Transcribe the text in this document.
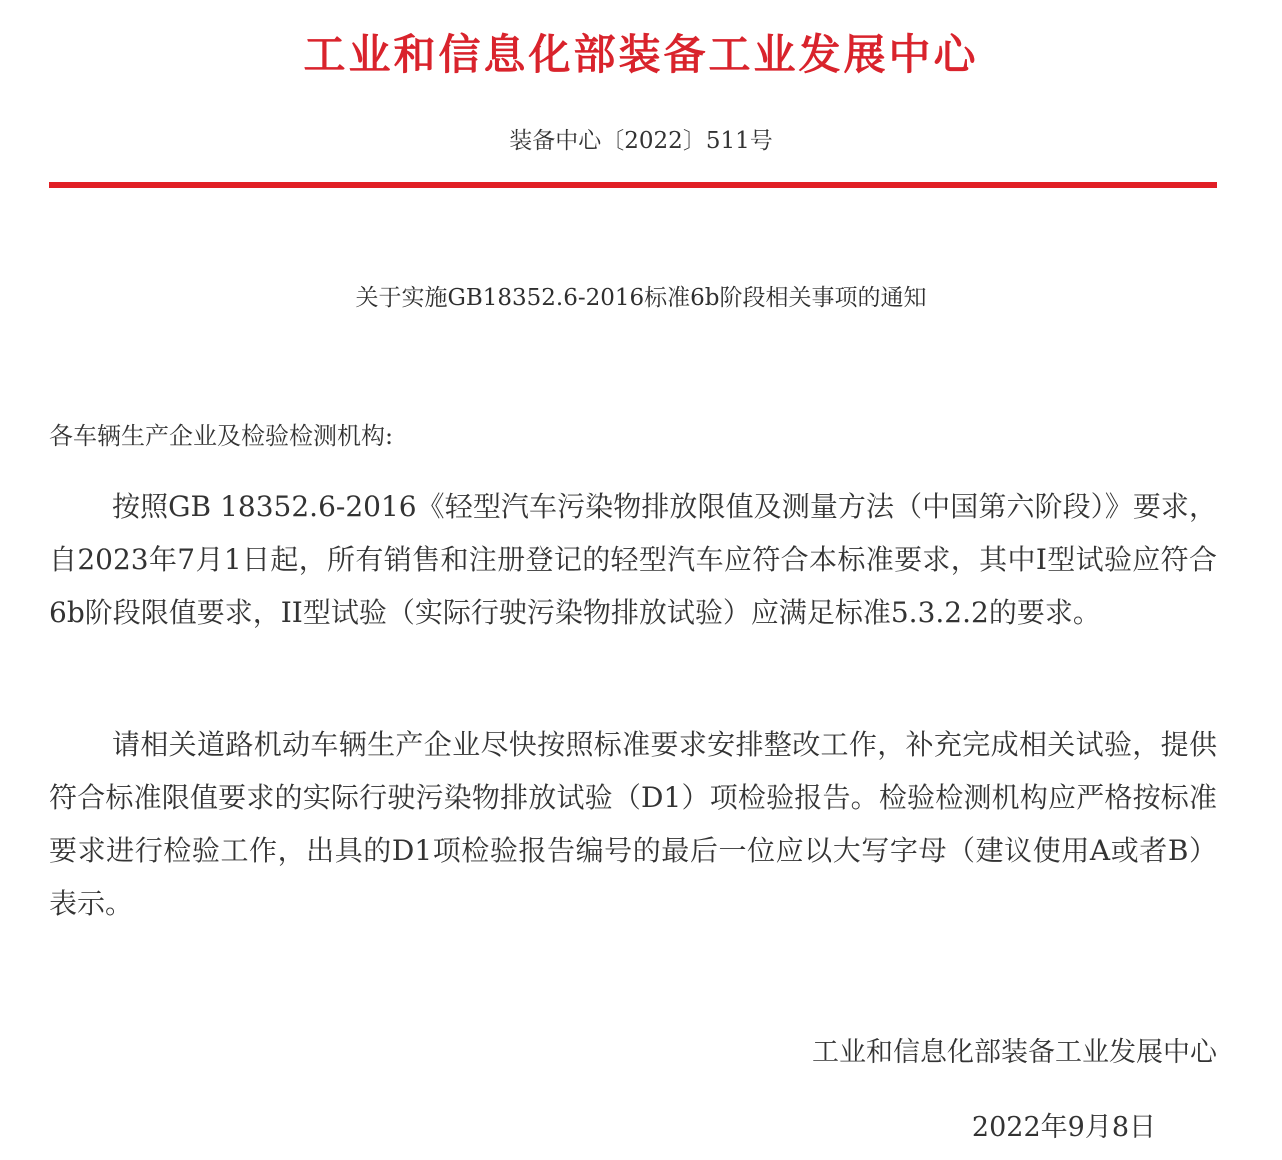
工业和信息化部装备工业发展中心
装备中心〔2022〕511号
关于实施GB18352.6-2016标准6b阶段相关事项的通知
各车辆生产企业及检验检测机构:

按照GB 18352.6-2016《轻型汽车污染物排放限值及测量方法（中国第六阶段）》要求，自2023年7月1日起，所有销售和注册登记的轻型汽车应符合本标准要求，其中I型试验应符合6b阶段限值要求，II型试验（实际行驶污染物排放试验）应满足标准5.3.2.2的要求。

请相关道路机动车辆生产企业尽快按照标准要求安排整改工作，补充完成相关试验，提供符合标准限值要求的实际行驶污染物排放试验（D1）项检验报告。检验检测机构应严格按标准要求进行检验工作，出具的D1项检验报告编号的最后一位应以大写字母（建议使用A或者B）表示。

工业和信息化部装备工业发展中心
2022年9月8日
